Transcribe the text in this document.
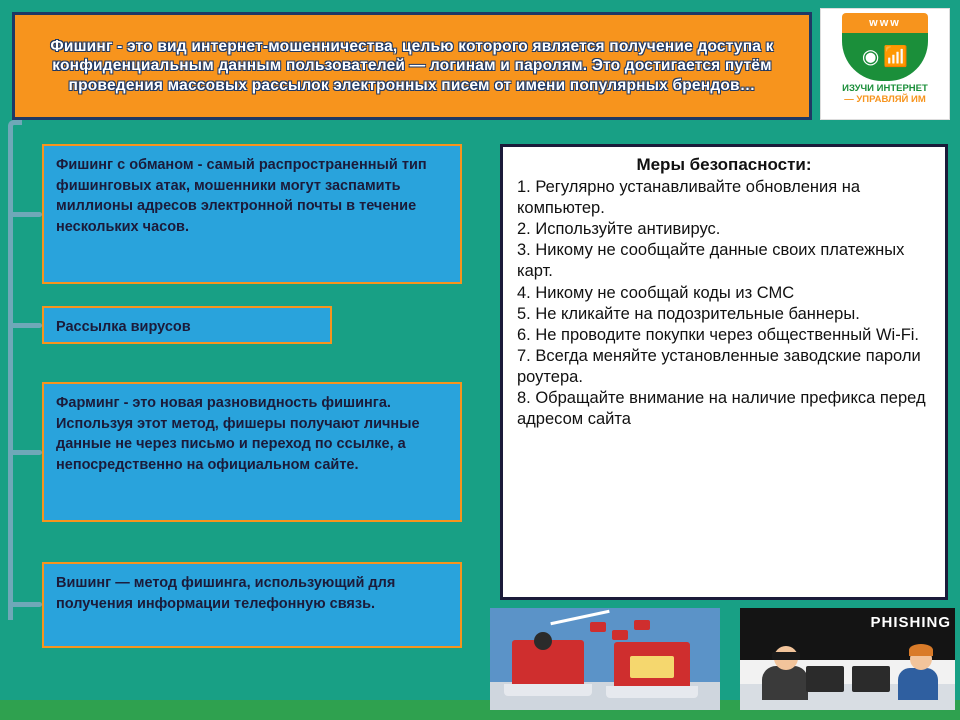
Фишинг - это вид интернет-мошенничества, целью которого является получение доступа к конфиденциальным данным пользователей — логинам и паролям. Это достигается путём проведения массовых рассылок электронных писем от имени популярных брендов…
www
◉ 📶
ИЗУЧИ ИНТЕРНЕТ
— УПРАВЛЯЙ ИМ
Фишинг с обманом - самый распространенный тип фишинговых атак, мошенники могут заспамить миллионы адресов электронной почты в течение нескольких часов.
Рассылка вирусов
Фарминг - это новая разновидность фишинга. Используя этот метод, фишеры получают личные данные не через письмо и переход по ссылке, а непосредственно на официальном сайте.
Вишинг — метод фишинга, использующий для получения информации телефонную связь.
Меры безопасности:
1. Регулярно устанавливайте обновления на компьютер.
2. Используйте антивирус.
3. Никому не сообщайте данные своих платежных карт.
4. Никому не сообщай коды из СМС
5. Не кликайте на подозрительные баннеры.
6. Не проводите покупки через общественный Wi-Fi.
7. Всегда меняйте установленные заводские пароли роутера.
8. Обращайте внимание на наличие префикса перед адресом сайта
PHISHING
